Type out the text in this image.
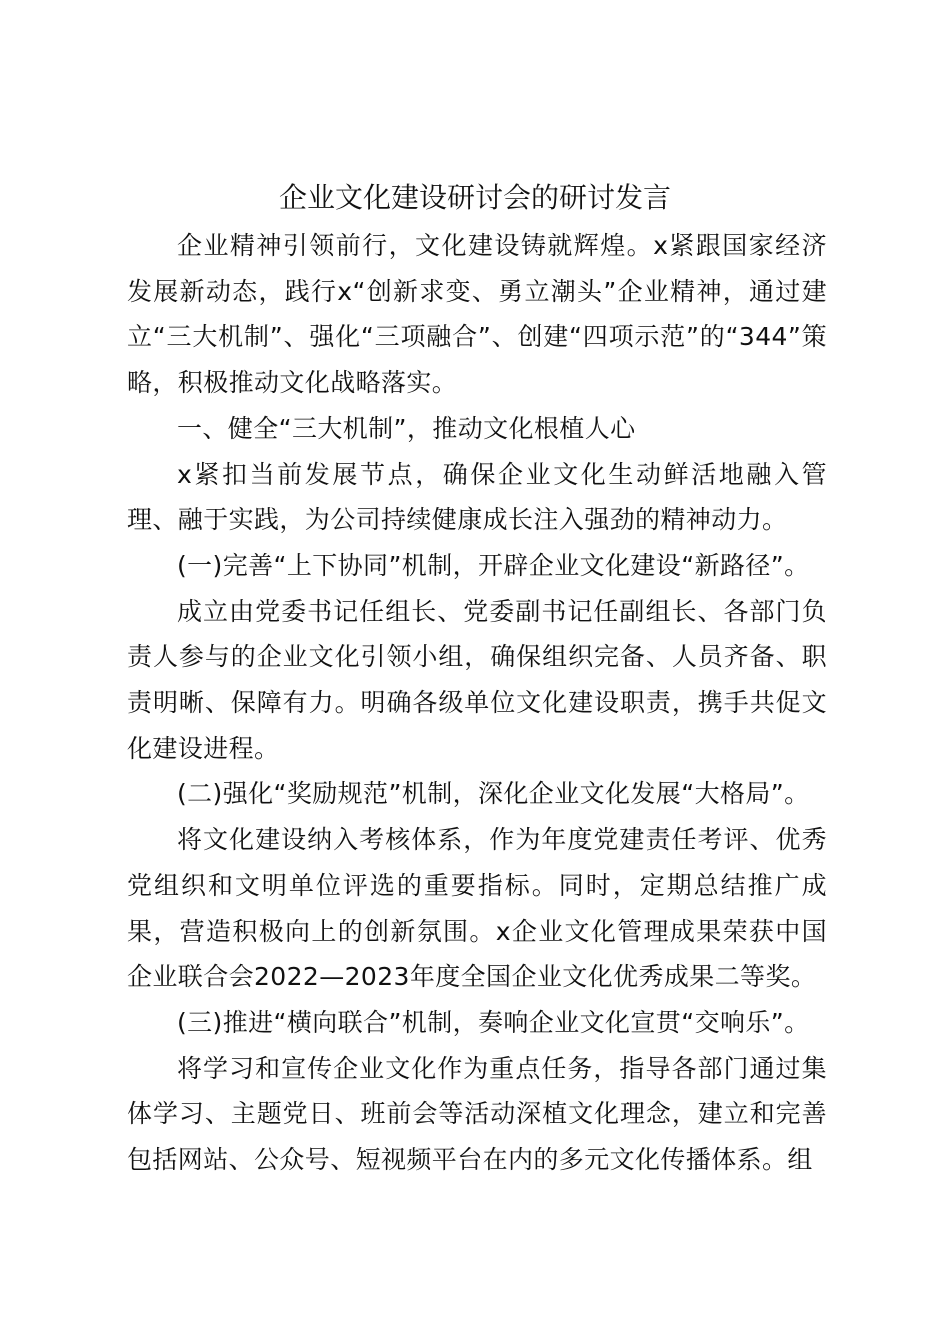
企业文化建设研讨会的研讨发言

企业精神引领前行，文化建设铸就辉煌。x紧跟国家经济发展新动态，践行x“创新求变、勇立潮头”企业精神，通过建立“三大机制”、强化“三项融合”、创建“四项示范”的“344”策略，积极推动文化战略落实。

一、健全“三大机制”，推动文化根植人心

x紧扣当前发展节点，确保企业文化生动鲜活地融入管理、融于实践，为公司持续健康成长注入强劲的精神动力。

(一)完善“上下协同”机制，开辟企业文化建设“新路径”。

成立由党委书记任组长、党委副书记任副组长、各部门负责人参与的企业文化引领小组，确保组织完备、人员齐备、职责明晰、保障有力。明确各级单位文化建设职责，携手共促文化建设进程。

(二)强化“奖励规范”机制，深化企业文化发展“大格局”。

将文化建设纳入考核体系，作为年度党建责任考评、优秀党组织和文明单位评选的重要指标。同时，定期总结推广成果，营造积极向上的创新氛围。x企业文化管理成果荣获中国企业联合会2022—2023年度全国企业文化优秀成果二等奖。

(三)推进“横向联合”机制，奏响企业文化宣贯“交响乐”。

将学习和宣传企业文化作为重点任务，指导各部门通过集体学习、主题党日、班前会等活动深植文化理念，建立和完善包括网站、公众号、短视频平台在内的多元文化传播体系。组
